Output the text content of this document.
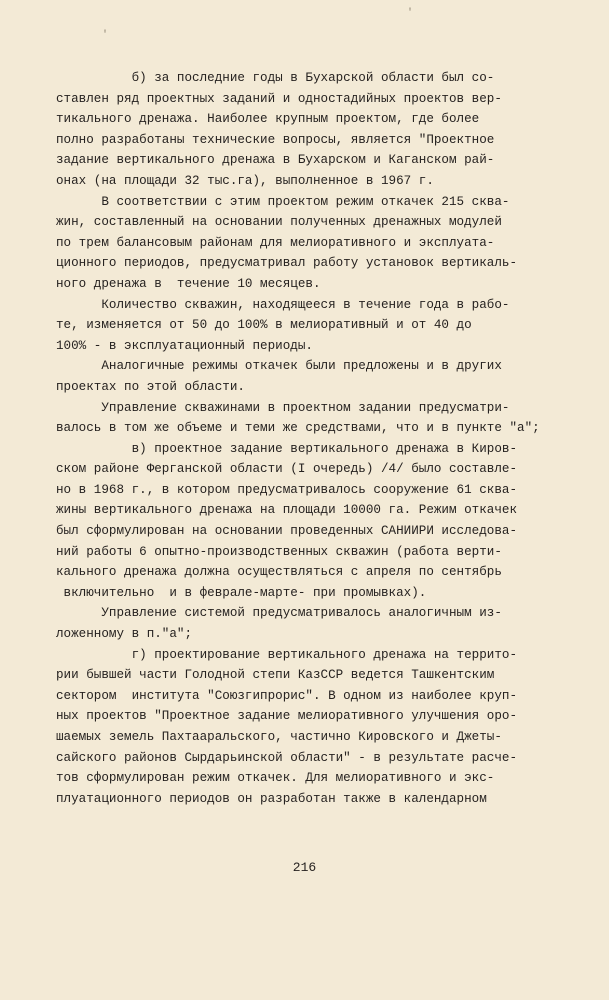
'
'
б) за последние годы в Бухарской области был со-
ставлен ряд проектных заданий и одностадийных проектов вер-
тикального дренажа. Наиболее крупным проектом, где более
полно разработаны технические вопросы, является "Проектное
задание вертикального дренажа в Бухарском и Каганском рай-
онах (на площади 32 тыс.га), выполненное в 1967 г.
В соответствии с этим проектом режим откачек 215 сква-
жин, составленный на основании полученных дренажных модулей
по трем балансовым районам для мелиоративного и эксплуата-
ционного периодов, предусматривал работу установок вертикаль-
ного дренажа в  течение 10 месяцев.
Количество скважин, находящееся в течение года в рабо-
те, изменяется от 50 до 100% в мелиоративный и от 40 до
100% - в эксплуатационный периоды.
Аналогичные режимы откачек были предложены и в других
проектах по этой области.
Управление скважинами в проектном задании предусматри-
валось в том же объеме и теми же средствами, что и в пункте "а";
в) проектное задание вертикального дренажа в Киров-
ском районе Ферганской области (I очередь) /4/ было составле-
но в 1968 г., в котором предусматривалось сооружение 61 сква-
жины вертикального дренажа на площади 10000 га. Режим откачек
был сформулирован на основании проведенных САНИИРИ исследова-
ний работы 6 опытно-производственных скважин (работа верти-
кального дренажа должна осуществляться с апреля по сентябрь
включительно  и в феврале-марте- при промывках).
Управление системой предусматривалось аналогичным из-
ложенному в п."а";
г) проектирование вертикального дренажа на террито-
рии бывшей части Голодной степи КазССР ведется Ташкентским
сектором  института "Союзгипрорис". В одном из наиболее круп-
ных проектов "Проектное задание мелиоративного улучшения оро-
шаемых земель Пахтааральского, частично Кировского и Джеты-
сайского районов Сырдарьинской области" - в результате расче-
тов сформулирован режим откачек. Для мелиоративного и экс-
плуатационного периодов он разработан также в календарном
216
